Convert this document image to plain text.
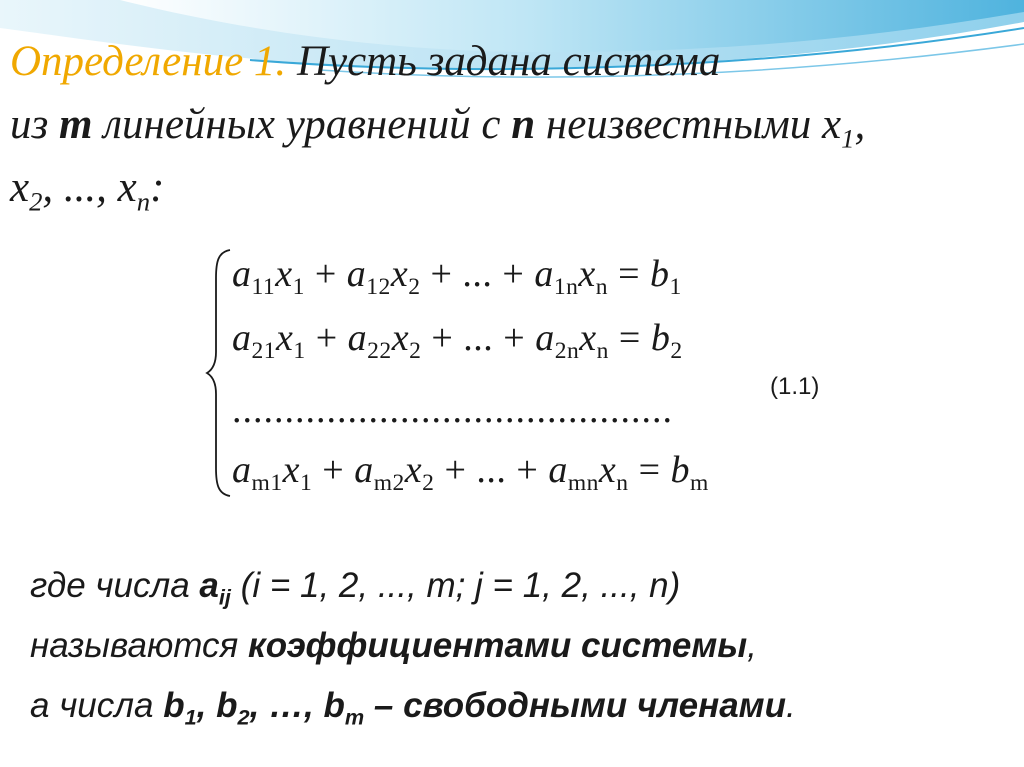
Определение 1. Пусть задана система
из m линейных уравнений с n неизвестными $x_1$,
$x_2$, ..., $x_n$:
$a_{11}x_1 + a_{12}x_2$ + ... + $a_{1n}x_n = b_1$
$a_{21}x_1 + a_{22}x_2$ + ... + $a_{2n}x_n = b_2$
..........................................
$a_{m1}x_1 + a_{m2}x_2$ + ... + $a_{mn}x_n = b_m$
(1.1)
где числа $a_{ij}$ (i = 1, 2, ..., m; j = 1, 2, ..., n)
называются коэффициентами системы,
а числа $b_1$, $b_2$, …, $b_m$ – свободными членами.
